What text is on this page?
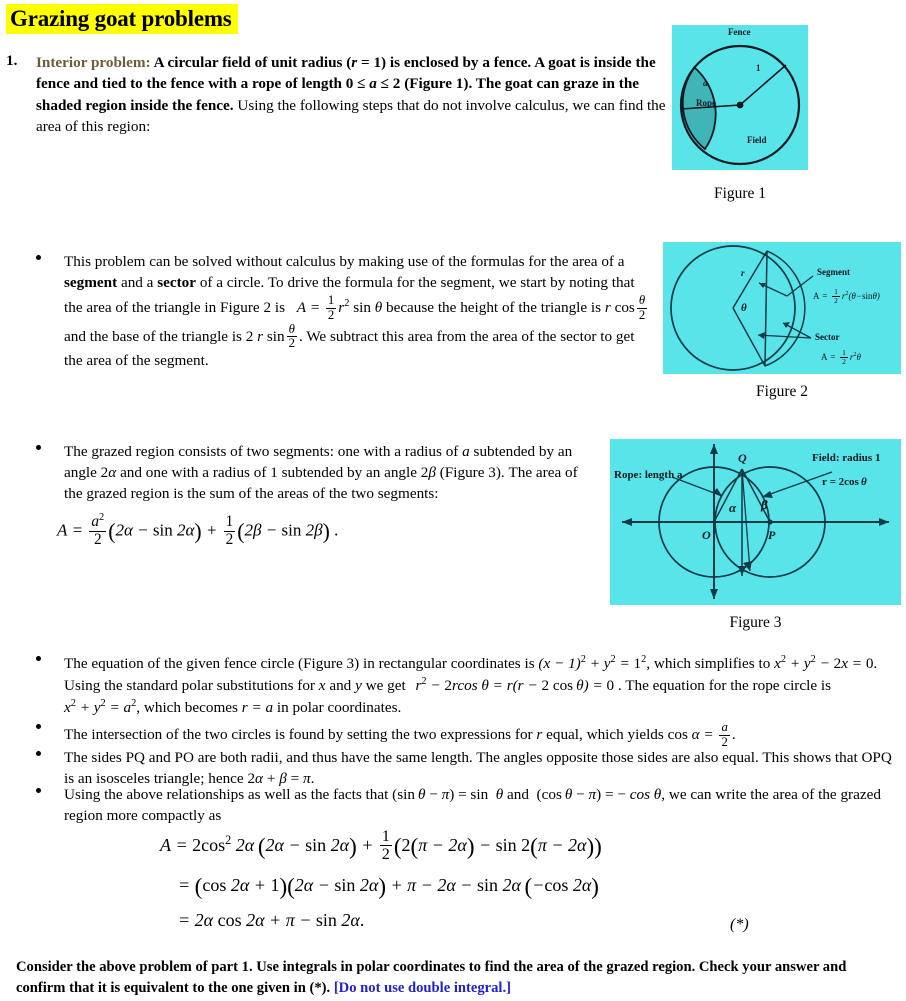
Grazing goat problems
1. Interior problem: A circular field of unit radius (r = 1) is enclosed by a fence. A goat is inside the fence and tied to the fence with a rope of length 0 ≤ a ≤ 2 (Figure 1). The goat can graze in the shaded region inside the fence. Using the following steps that do not involve calculus, we can find the area of this region:
Fence
a
Rope
1
Field
Figure 1
This problem can be solved without calculus by making use of the formulas for the area of a segment and a sector of a circle. To drive the formula for the segment, we start by noting that the area of the triangle in Figure 2 is $A = \frac{1}{2} r^2$ sin θ because the height of the triangle is r $\cos \frac{\theta}{2}$
and the base of the triangle is 2 r $\sin \frac{\theta}{2}$ . We subtract this area from the area of the sector to get the area of the segment.
r
θ
Segment
$A = \frac{1}{2} r^2(\theta-\sin\theta)$
Sector
$A = \frac{1}{2} r^2\theta$
Figure 2
The grazed region consists of two segments: one with a radius of a subtended by an angle 2α and one with a radius of 1 subtended by an angle 2β (Figure 3). The area of the grazed region is the sum of the areas of the two segments:
$A = \frac{a^2}{2} (2\alpha - \sin 2\alpha) + \frac{1}{2} (2\beta - \sin 2\beta)$ .
Rope: length a
Field: radius 1
r = 2cos θ
Q
O	P
α β
Figure 3
The equation of the given fence circle (Figure 3) in rectangular coordinates is $(x - 1)^2 + y^2 = 1^2$, which simplifies to $x^2 + y^2 - 2x = 0$. Using the standard polar substitutions for x and y we get $r^2 - 2rcos$ θ = r(r − 2 cos θ) = 0 . The equation for the rope circle is $x^2 + y^2 = a^2$, which becomes r = a in polar coordinates.
The intersection of the two circles is found by setting the two expressions for r equal, which yields $\cos \alpha = \frac{a}{2}$ .
The sides PQ and PO are both radii, and thus have the same length. The angles opposite those sides are also equal. This shows that OPQ is an isosceles triangle; hence 2α + β = π.
Using the above relationships as well as the facts that (sin θ − π) = sin  θ and  (cos θ − π) = − cos θ, we can write the area of the grazed region more compactly as
$A = 2\cos^2$ 2α $(2\alpha - \sin 2\alpha) + \frac{1}{2} (2(\pi - 2\alpha) - \sin 2(\pi - 2\alpha))$
= (cos 2α + 1)(2α − sin 2α) + π − 2α − sin 2α (−cos 2α)
= 2α cos 2α + π − sin 2α.	(*)
Consider the above problem of part 1. Use integrals in polar coordinates to find the area of the grazed region. Check your answer and confirm that it is equivalent to the one given in (*). [Do not use double integral.]
